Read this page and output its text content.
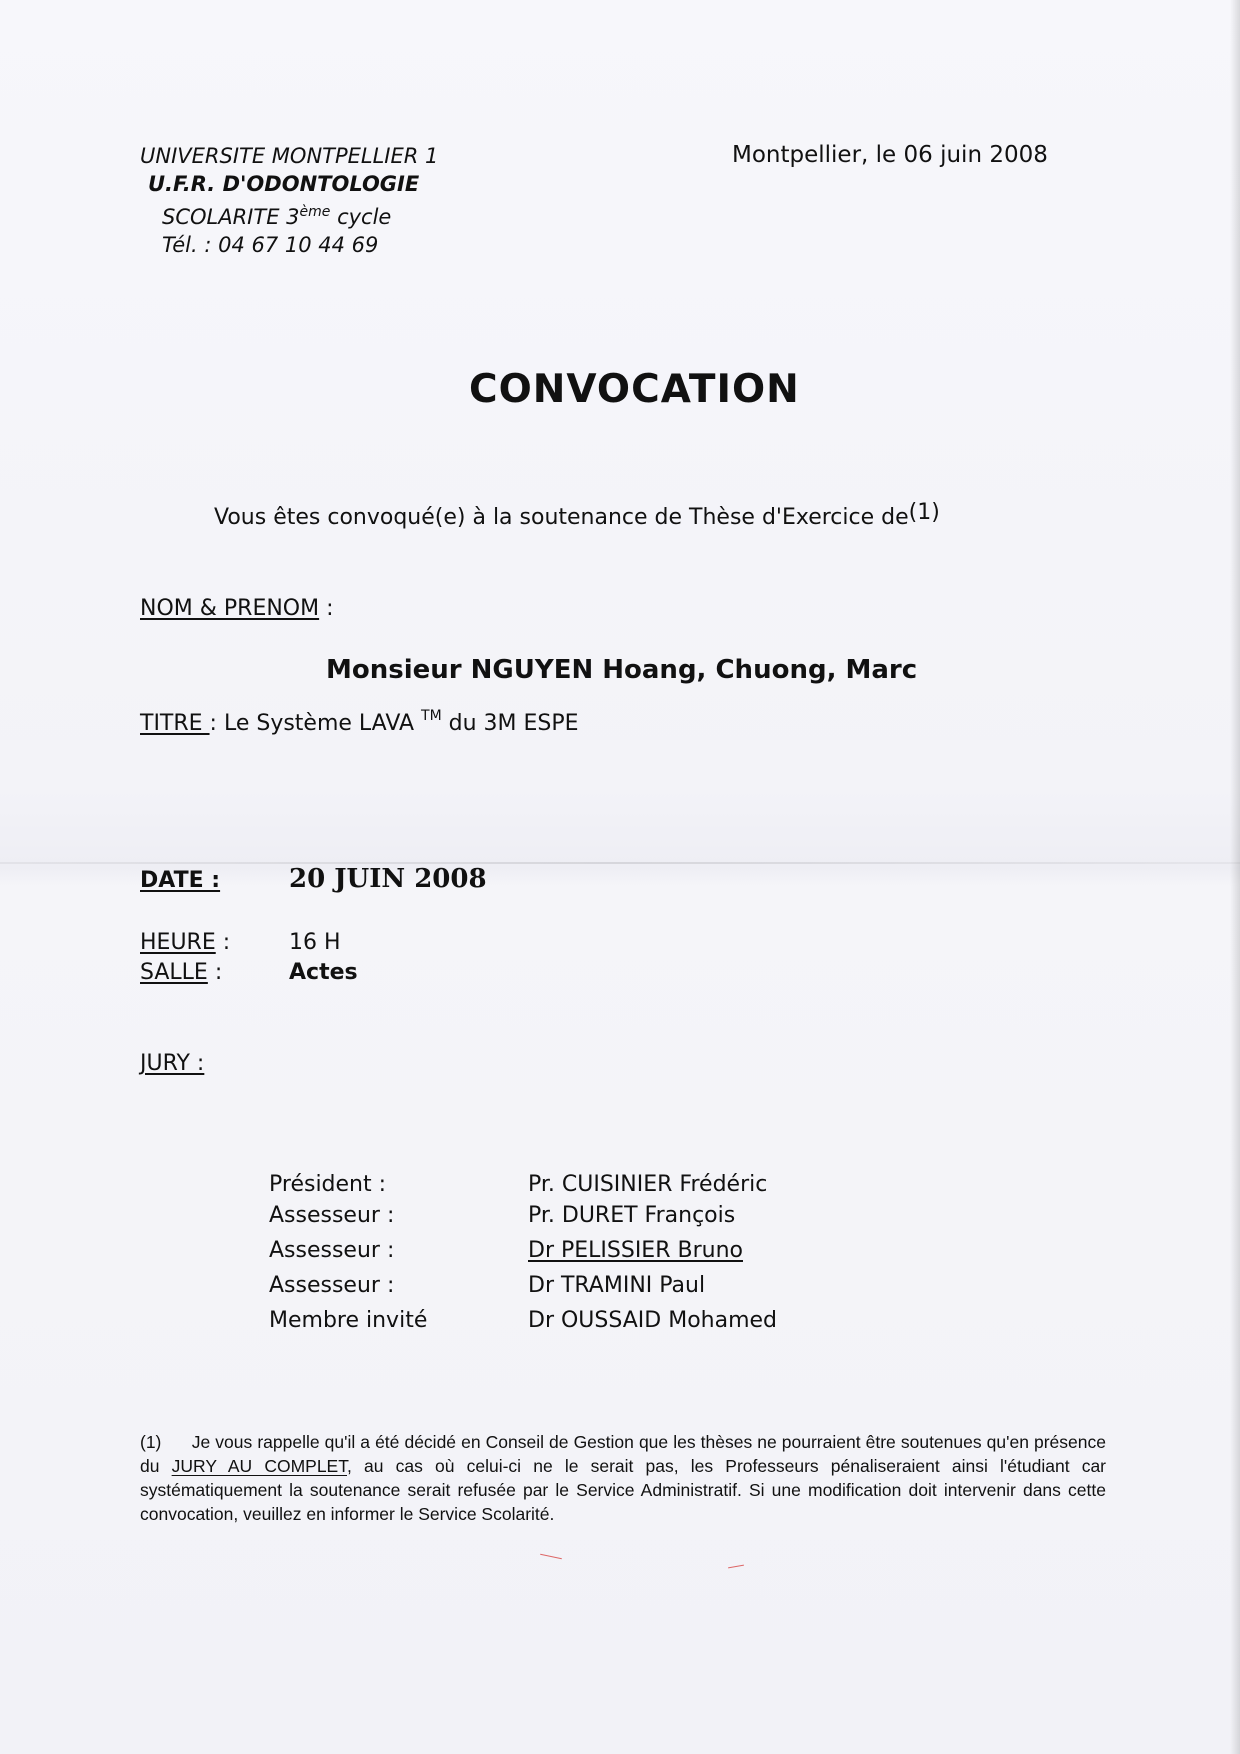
UNIVERSITE MONTPELLIER 1
U.F.R. D'ODONTOLOGIE
SCOLARITE 3ème cycle
Tél. : 04 67 10 44 69
Montpellier, le 06 juin 2008
CONVOCATION
Vous êtes convoqué(e) à la soutenance de Thèse d'Exercice de(1)
NOM & PRENOM :
Monsieur NGUYEN Hoang, Chuong, Marc
TITRE : Le Système LAVA ™ du 3M ESPE
DATE :	20 JUIN 2008
HEURE :	16 H
SALLE :	Actes
JURY :
Président :	Pr. CUISINIER Frédéric
Assesseur :	Pr. DURET François
Assesseur :	Dr PELISSIER Bruno
Assesseur :	Dr TRAMINI Paul
Membre invité	Dr OUSSAID Mohamed
(1)      Je vous rappelle qu'il a été décidé en Conseil de Gestion que les thèses ne pourraient être soutenues qu'en présence du JURY AU COMPLET, au cas où celui-ci ne le serait pas, les Professeurs pénaliseraient ainsi l'étudiant car systématiquement la soutenance serait refusée par le Service Administratif. Si une modification doit intervenir dans cette convocation, veuillez en informer le Service Scolarité.
